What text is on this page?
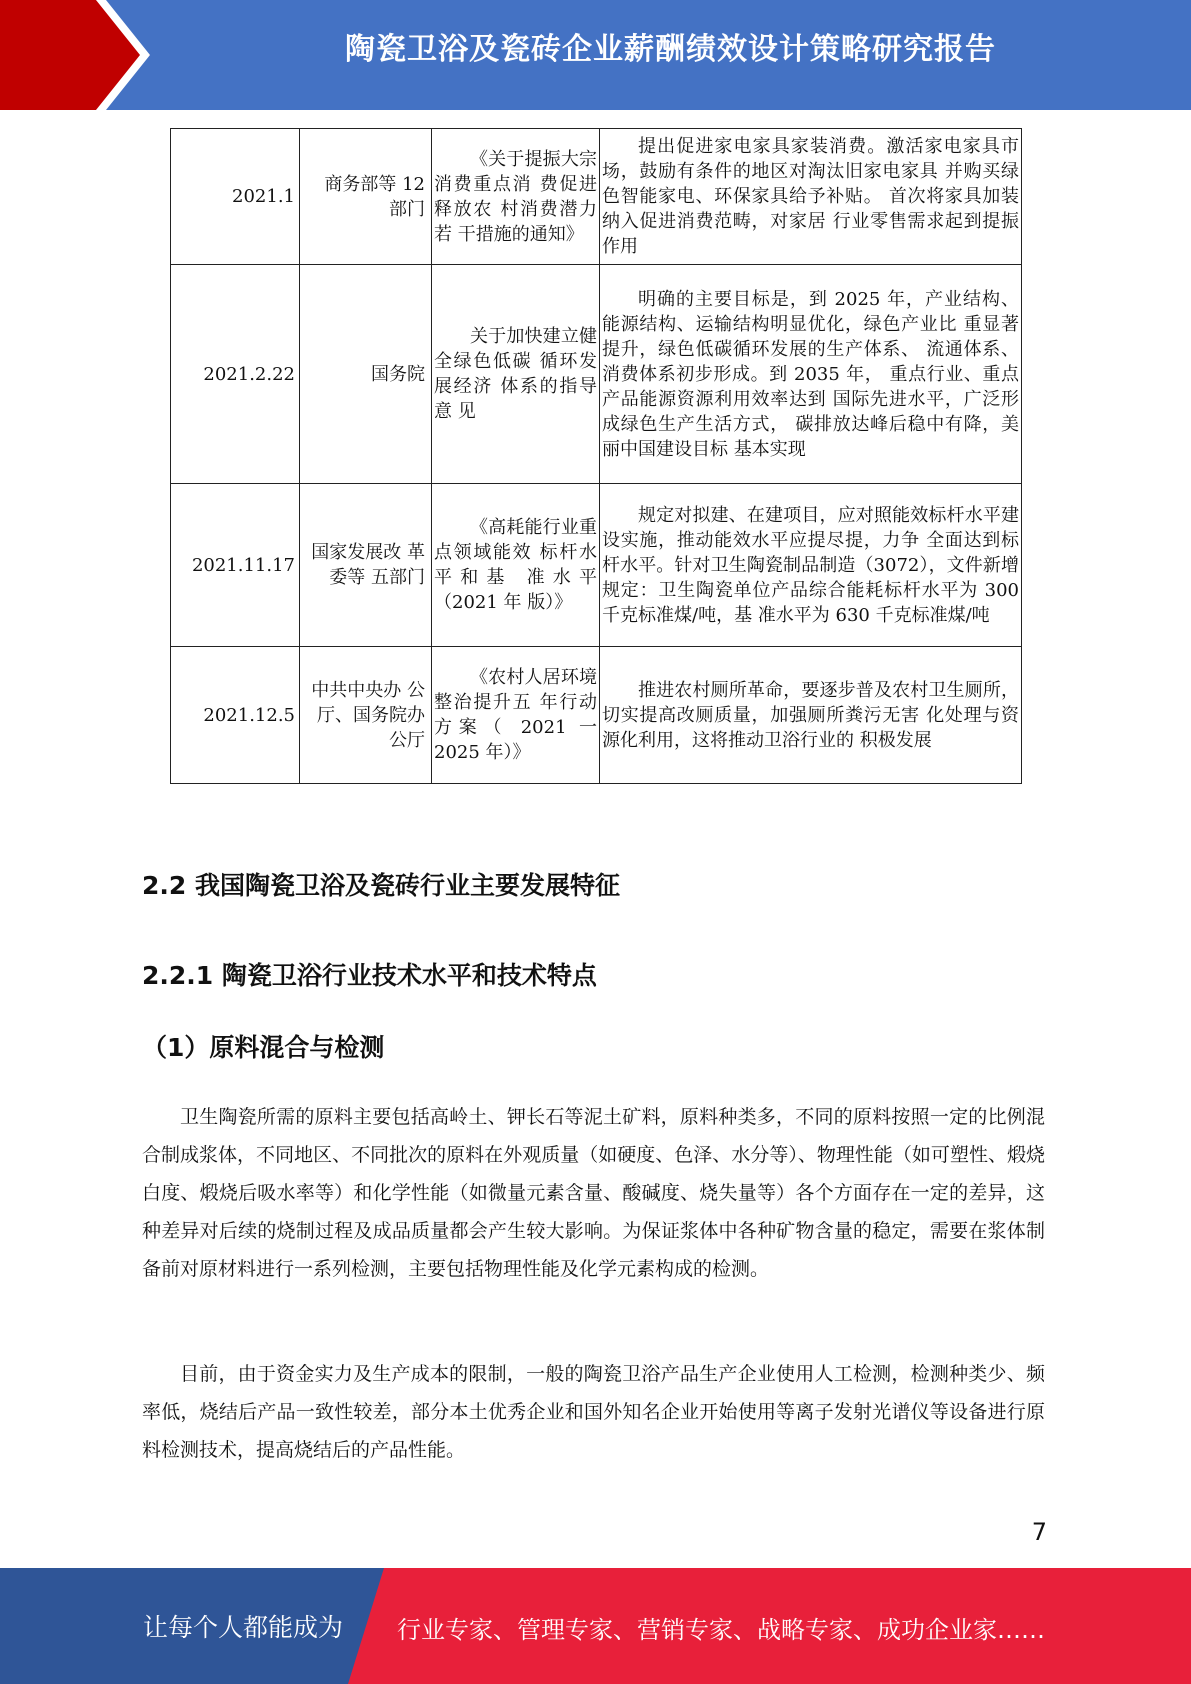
陶瓷卫浴及瓷砖企业薪酬绩效设计策略研究报告
2021.1	商务部等 12 部门	《关于提振大宗消费重点消 费促进释放农 村消费潜力若 干措施的通知》	提出促进家电家具家装消费。激活家电家具市场，鼓励有条件的地区对淘汰旧家电家具 并购买绿色智能家电、环保家具给予补贴。 首次将家具加装纳入促进消费范畴，对家居 行业零售需求起到提振作用
2021.2.22	国务院	关于加快建立健全绿色低碳 循环发展经济 体系的指导意 见	明确的主要目标是，到 2025 年，产业结构、能源结构、运输结构明显优化，绿色产业比 重显著提升，绿色低碳循环发展的生产体系、 流通体系、消费体系初步形成。到 2035 年， 重点行业、重点产品能源资源利用效率达到 国际先进水平，广泛形成绿色生产生活方式， 碳排放达峰后稳中有降，美丽中国建设目标 基本实现
2021.11.17	国家发展改 革委等 五部门	《高耗能行业重点领域能效 标杆水平和基 准水平（2021 年 版）》	规定对拟建、在建项目，应对照能效标杆水平建设实施，推动能效水平应提尽提，力争 全面达到标杆水平。针对卫生陶瓷制品制造（3072），文件新增规定：卫生陶瓷单位产品综合能耗标杆水平为 300 千克标准煤/吨，基 准水平为 630 千克标准煤/吨
2021.12.5	中共中央办 公厅、国务院办公厅	《农村人居环境整治提升五 年行动方案（ 2021 一 2025 年）》	推进农村厕所革命，要逐步普及农村卫生厕所，切实提高改厕质量，加强厕所粪污无害 化处理与资源化利用，这将推动卫浴行业的 积极发展
2.2 我国陶瓷卫浴及瓷砖行业主要发展特征
2.2.1 陶瓷卫浴行业技术水平和技术特点
（1）原料混合与检测
卫生陶瓷所需的原料主要包括高岭土、钾长石等泥土矿料，原料种类多，不同的原料按照一定的比例混合制成浆体，不同地区、不同批次的原料在外观质量（如硬度、色泽、水分等）、物理性能（如可塑性、煅烧白度、煅烧后吸水率等）和化学性能（如微量元素含量、酸碱度、烧失量等）各个方面存在一定的差异，这种差异对后续的烧制过程及成品质量都会产生较大影响。为保证浆体中各种矿物含量的稳定，需要在浆体制备前对原材料进行一系列检测，主要包括物理性能及化学元素构成的检测。
目前，由于资金实力及生产成本的限制，一般的陶瓷卫浴产品生产企业使用人工检测，检测种类少、频率低，烧结后产品一致性较差，部分本土优秀企业和国外知名企业开始使用等离子发射光谱仪等设备进行原料检测技术，提高烧结后的产品性能。
7
让每个人都能成为 行业专家、管理专家、营销专家、战略专家、成功企业家……
